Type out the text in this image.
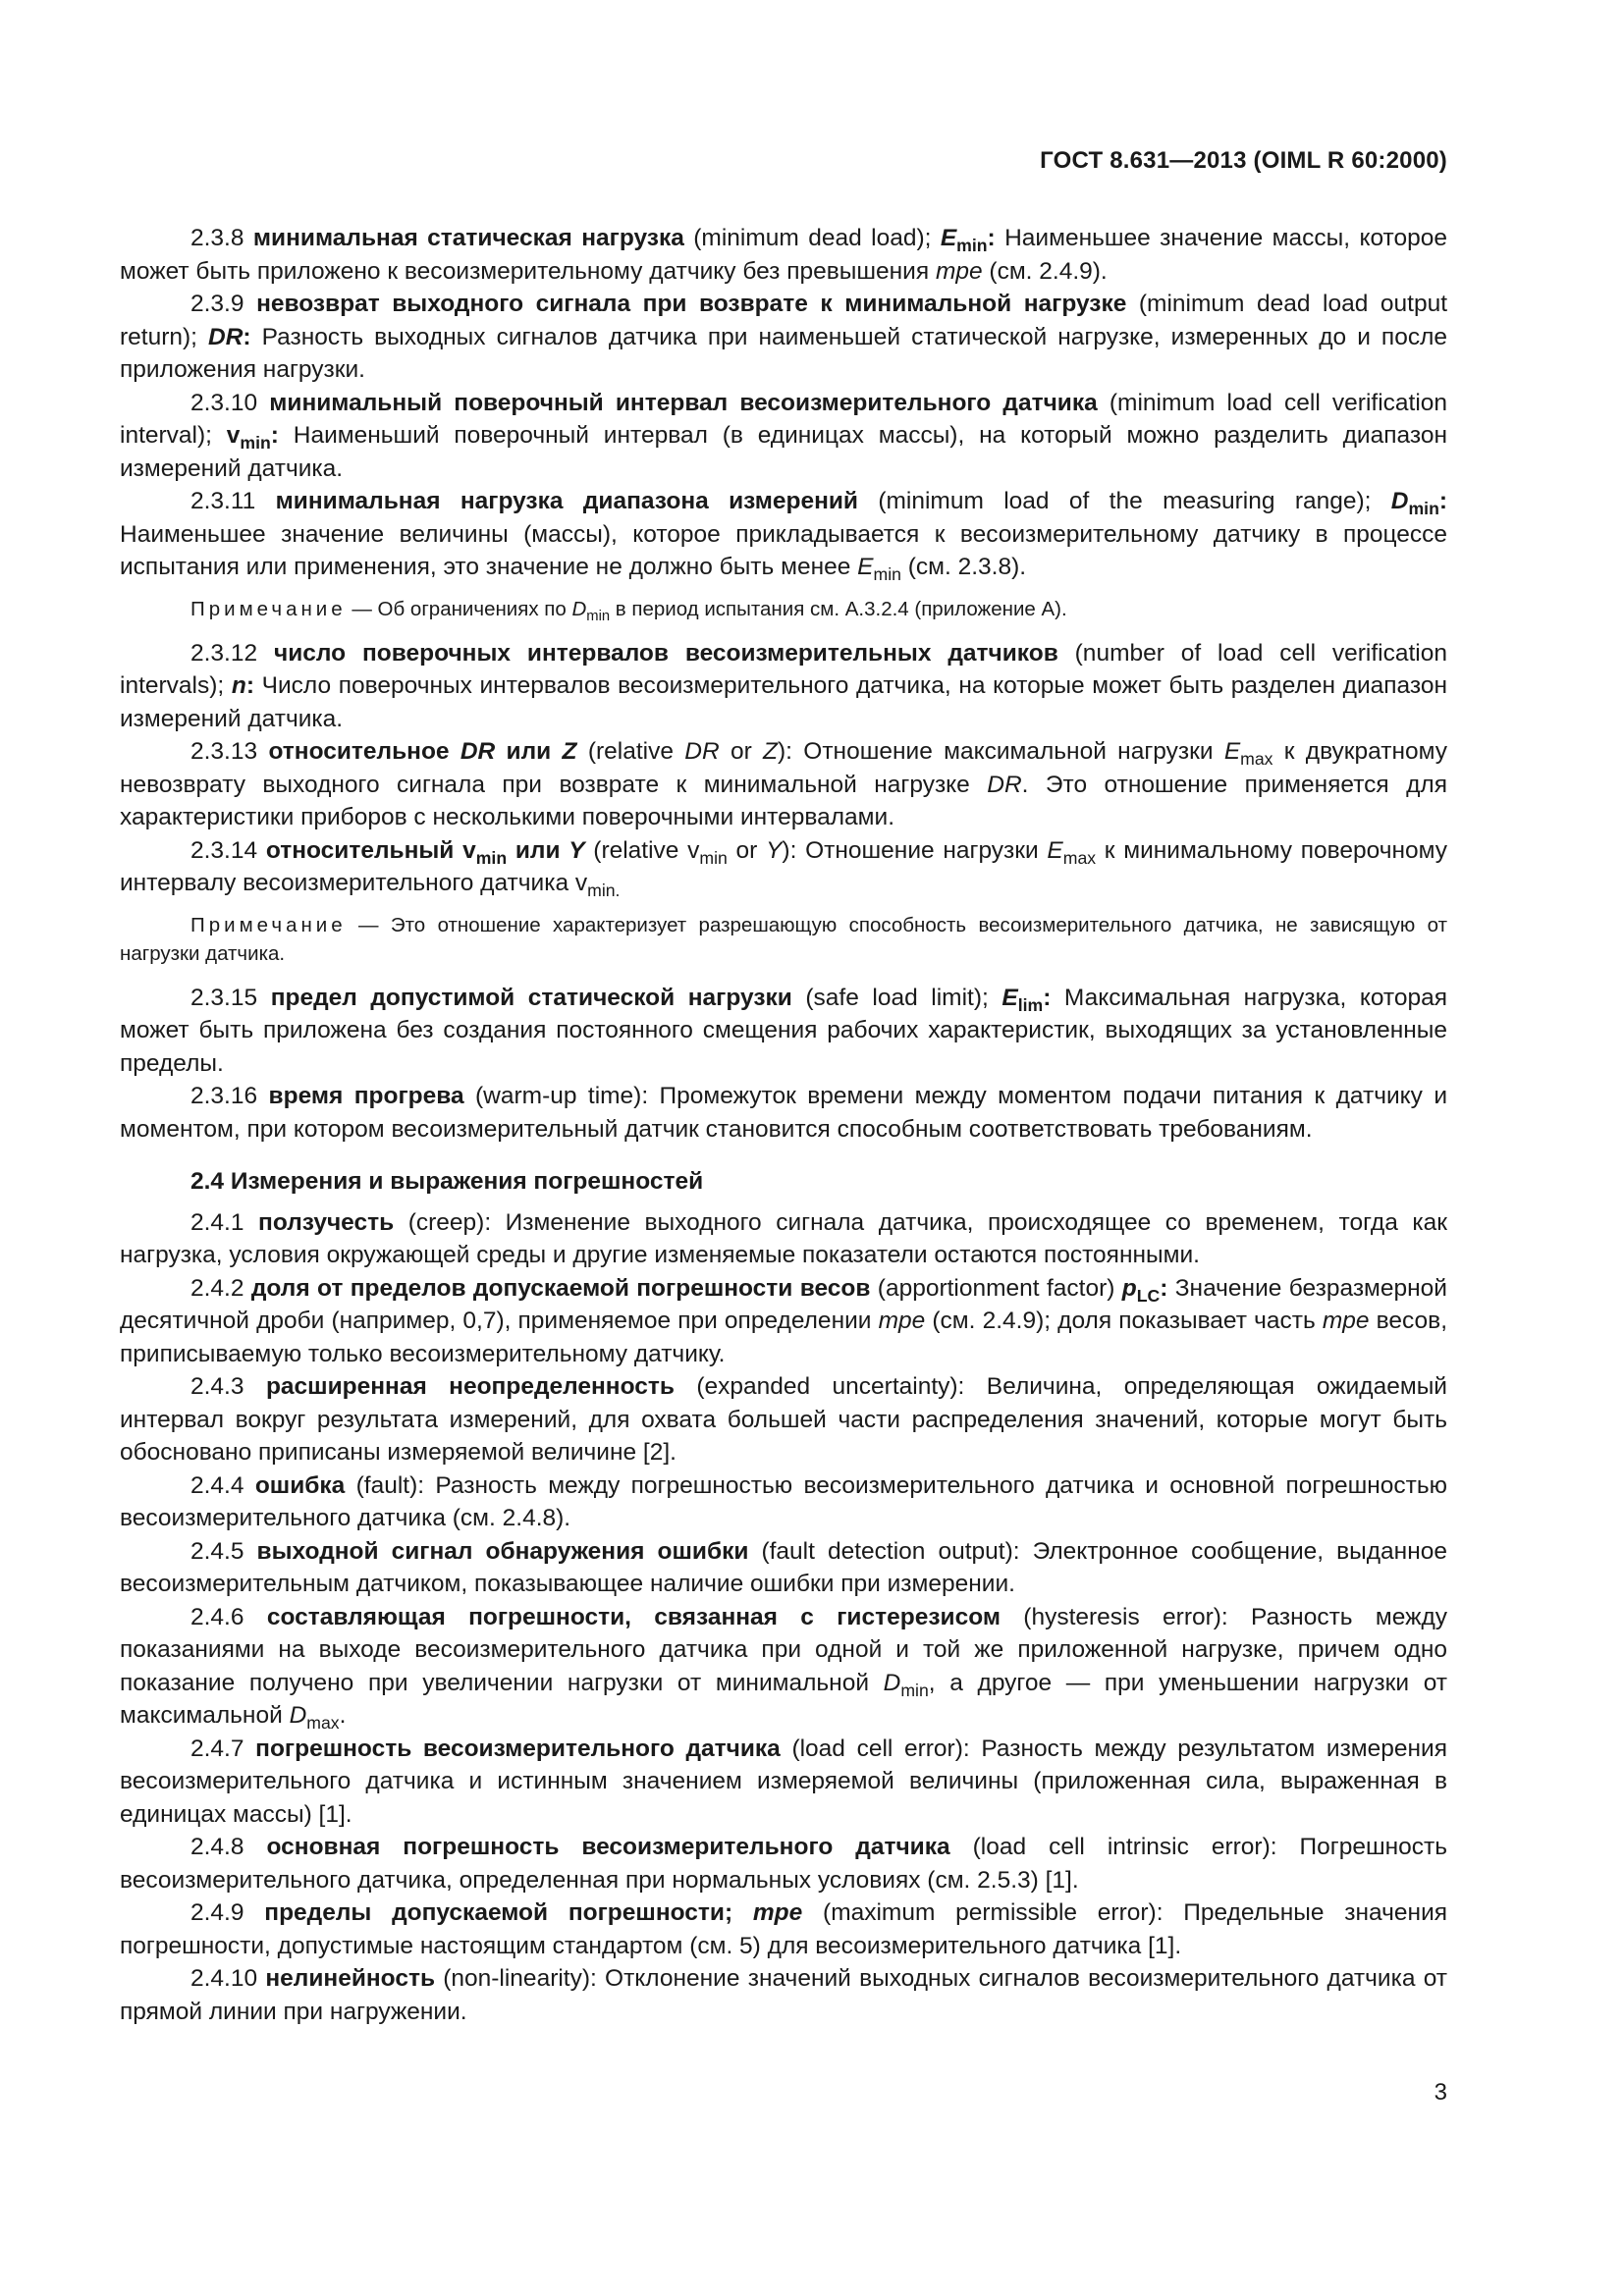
ГОСТ 8.631—2013 (OIML R 60:2000)

2.3.8 минимальная статическая нагрузка (minimum dead load); $E_{min}$: Наименьшее значение массы, которое может быть приложено к весоизмерительному датчику без превышения mpe (см. 2.4.9).

2.3.9 невозврат выходного сигнала при возврате к минимальной нагрузке (minimum dead load output return); DR: Разность выходных сигналов датчика при наименьшей статической нагрузке, измеренных до и после приложения нагрузки.

2.3.10 минимальный поверочный интервал весоизмерительного датчика (minimum load cell verification interval); $v_{min}$: Наименьший поверочный интервал (в единицах массы), на который можно разделить диапазон измерений датчика.

2.3.11 минимальная нагрузка диапазона измерений (minimum load of the measuring range); $D_{min}$: Наименьшее значение величины (массы), которое прикладывается к весоизмерительному датчику в процессе испытания или применения, это значение не должно быть менее $E_{min}$ (см. 2.3.8).

Примечание — Об ограничениях по $D_{min}$ в период испытания см. А.3.2.4 (приложение А).

2.3.12 число поверочных интервалов весоизмерительных датчиков (number of load cell verification intervals); n: Число поверочных интервалов весоизмерительного датчика, на которые может быть разделен диапазон измерений датчика.

2.3.13 относительное DR или Z (relative DR or Z): Отношение максимальной нагрузки $E_{max}$ к двукратному невозврату выходного сигнала при возврате к минимальной нагрузке DR. Это отношение применяется для характеристики приборов с несколькими поверочными интервалами.

2.3.14 относительный $v_{min}$ или Y (relative $v_{min}$ or Y): Отношение нагрузки $E_{max}$ к минимальному поверочному интервалу весоизмерительного датчика $v_{min.}$

Примечание — Это отношение характеризует разрешающую способность весоизмерительного датчика, не зависящую от нагрузки датчика.

2.3.15 предел допустимой статической нагрузки (safe load limit); $E_{lim}$: Максимальная нагрузка, которая может быть приложена без создания постоянного смещения рабочих характеристик, выходящих за установленные пределы.

2.3.16 время прогрева (warm-up time): Промежуток времени между моментом подачи питания к датчику и моментом, при котором весоизмерительный датчик становится способным соответствовать требованиям.

2.4 Измерения и выражения погрешностей

2.4.1 ползучесть (creep): Изменение выходного сигнала датчика, происходящее со временем, тогда как нагрузка, условия окружающей среды и другие изменяемые показатели остаются постоянными.

2.4.2 доля от пределов допускаемой погрешности весов (apportionment factor) $p_{LC}$: Значение безразмерной десятичной дроби (например, 0,7), применяемое при определении mpe (см. 2.4.9); доля показывает часть mpe весов, приписываемую только весоизмерительному датчику.

2.4.3 расширенная неопределенность (expanded uncertainty): Величина, определяющая ожидаемый интервал вокруг результата измерений, для охвата большей части распределения значений, которые могут быть обосновано приписаны измеряемой величине [2].

2.4.4 ошибка (fault): Разность между погрешностью весоизмерительного датчика и основной погрешностью весоизмерительного датчика (см. 2.4.8).

2.4.5 выходной сигнал обнаружения ошибки (fault detection output): Электронное сообщение, выданное весоизмерительным датчиком, показывающее наличие ошибки при измерении.

2.4.6 составляющая погрешности, связанная с гистерезисом (hysteresis error): Разность между показаниями на выходе весоизмерительного датчика при одной и той же приложенной нагрузке, причем одно показание получено при увеличении нагрузки от минимальной $D_{min}$, а другое — при уменьшении нагрузки от максимальной $D_{max}$.

2.4.7 погрешность весоизмерительного датчика (load cell error): Разность между результатом измерения весоизмерительного датчика и истинным значением измеряемой величины (приложенная сила, выраженная в единицах массы) [1].

2.4.8 основная погрешность весоизмерительного датчика (load cell intrinsic error): Погрешность весоизмерительного датчика, определенная при нормальных условиях (см. 2.5.3) [1].

2.4.9 пределы допускаемой погрешности; mpe (maximum permissible error): Предельные значения погрешности, допустимые настоящим стандартом (см. 5) для весоизмерительного датчика [1].

2.4.10 нелинейность (non-linearity): Отклонение значений выходных сигналов весоизмерительного датчика от прямой линии при нагружении.

3
